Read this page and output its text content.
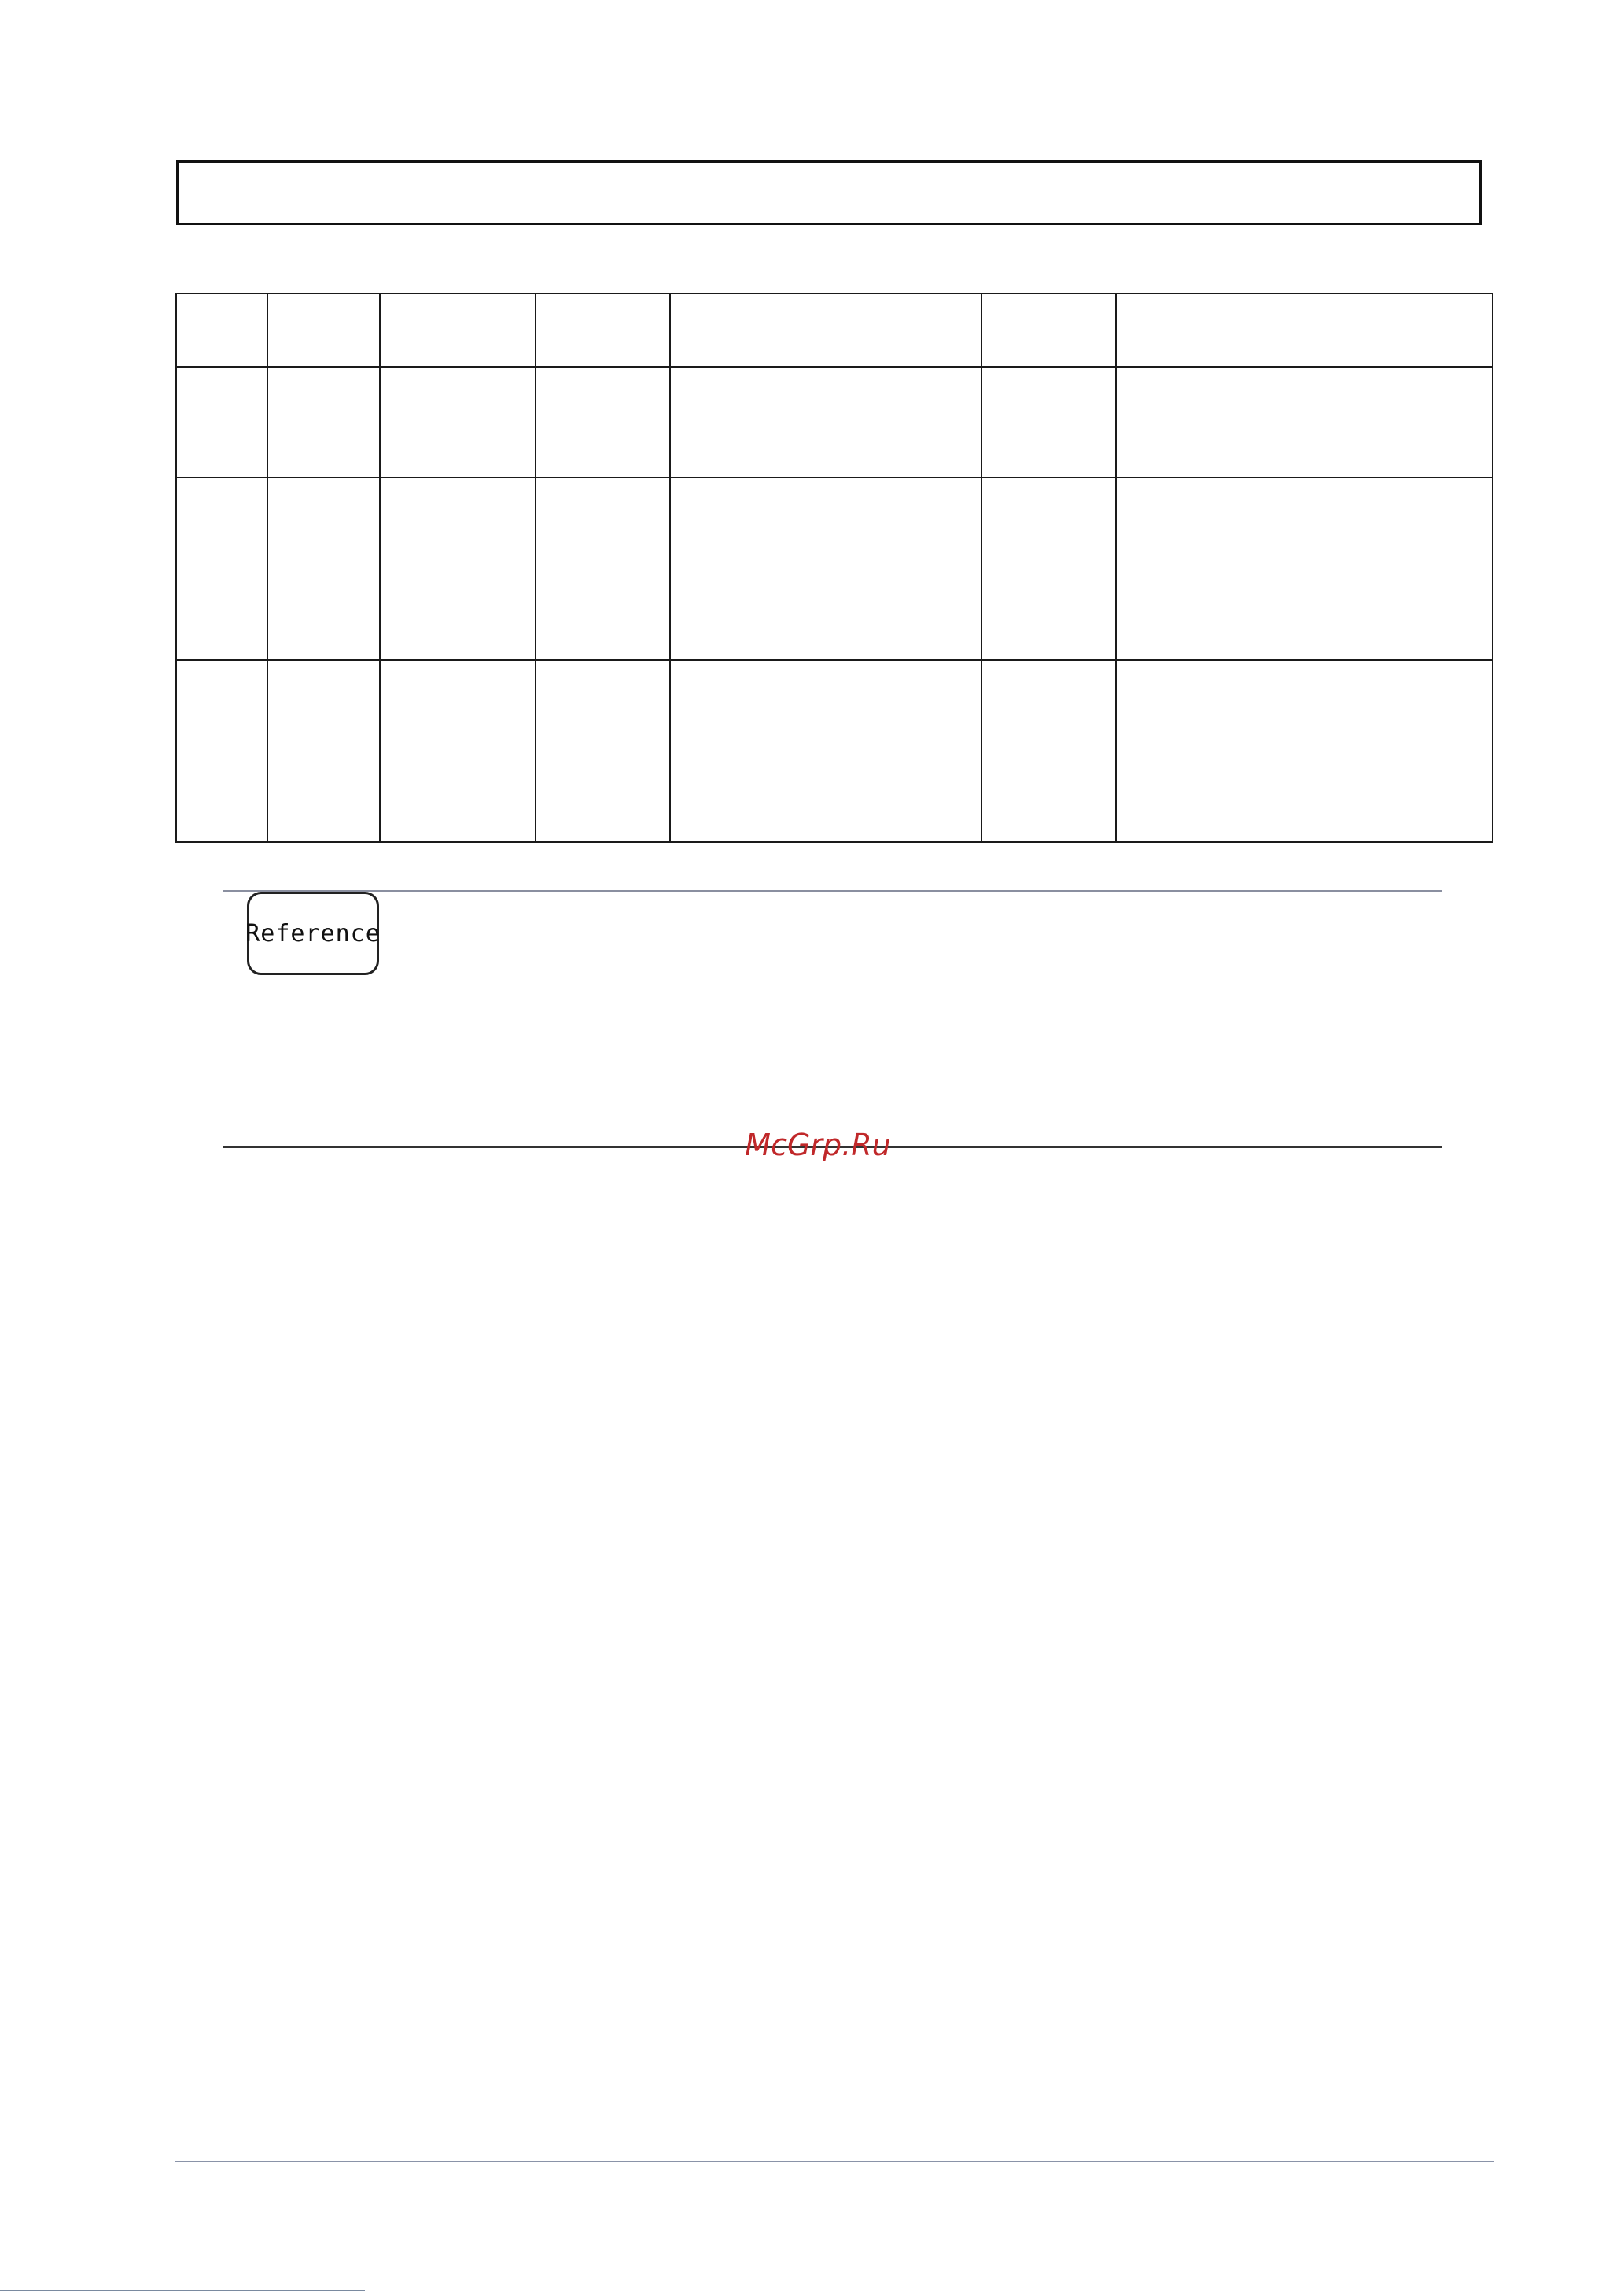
Reference
McGrp.Ru
